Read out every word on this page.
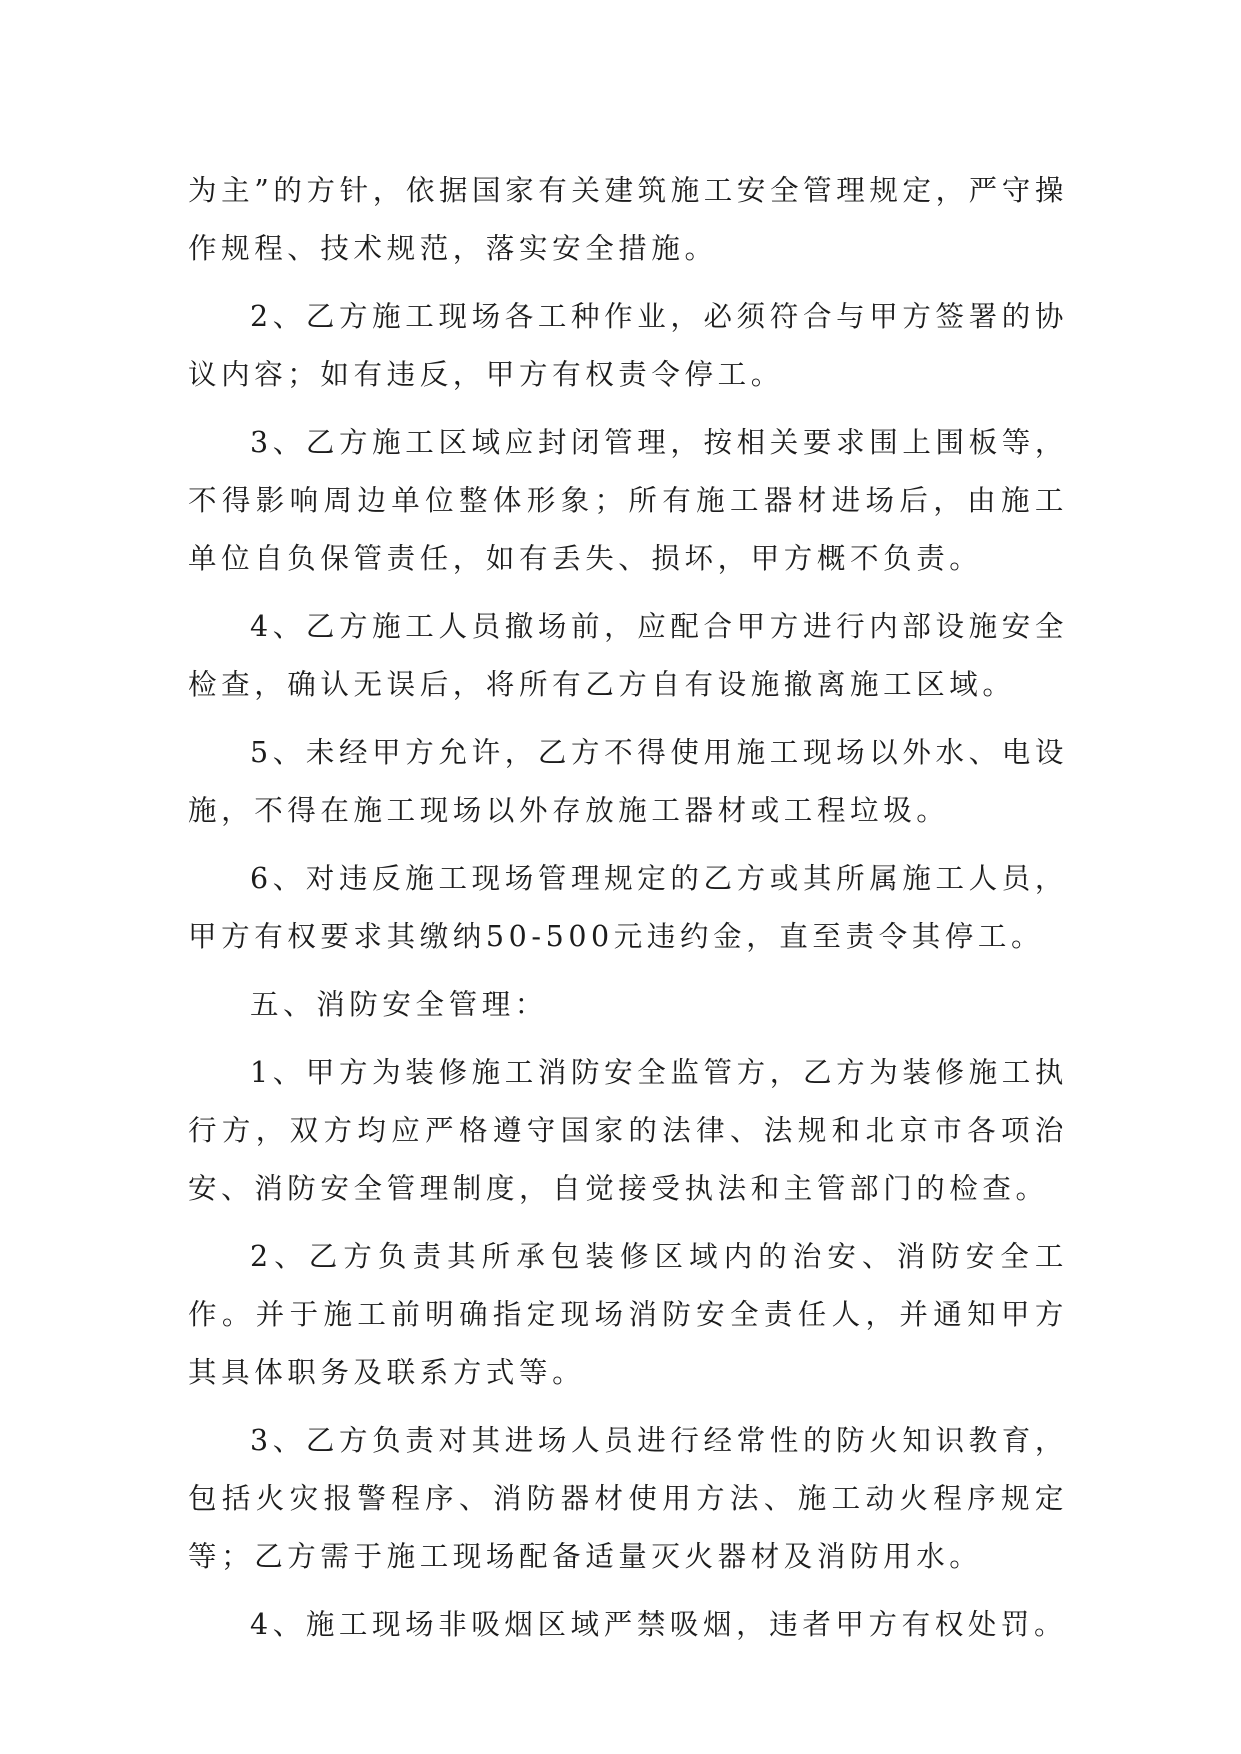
为主”的方针，依据国家有关建筑施工安全管理规定，严守操作规程、技术规范，落实安全措施。

2、乙方施工现场各工种作业，必须符合与甲方签署的协议内容；如有违反，甲方有权责令停工。

3、乙方施工区域应封闭管理，按相关要求围上围板等，不得影响周边单位整体形象；所有施工器材进场后，由施工单位自负保管责任，如有丢失、损坏，甲方概不负责。

4、乙方施工人员撤场前，应配合甲方进行内部设施安全检查，确认无误后，将所有乙方自有设施撤离施工区域。

5、未经甲方允许，乙方不得使用施工现场以外水、电设施，不得在施工现场以外存放施工器材或工程垃圾。

6、对违反施工现场管理规定的乙方或其所属施工人员，甲方有权要求其缴纳50-500元违约金，直至责令其停工。

五、消防安全管理：

1、甲方为装修施工消防安全监管方，乙方为装修施工执行方，双方均应严格遵守国家的法律、法规和北京市各项治安、消防安全管理制度，自觉接受执法和主管部门的检查。

2、乙方负责其所承包装修区域内的治安、消防安全工作。并于施工前明确指定现场消防安全责任人，并通知甲方其具体职务及联系方式等。

3、乙方负责对其进场人员进行经常性的防火知识教育，包括火灾报警程序、消防器材使用方法、施工动火程序规定等；乙方需于施工现场配备适量灭火器材及消防用水。

4、施工现场非吸烟区域严禁吸烟，违者甲方有权处罚。
